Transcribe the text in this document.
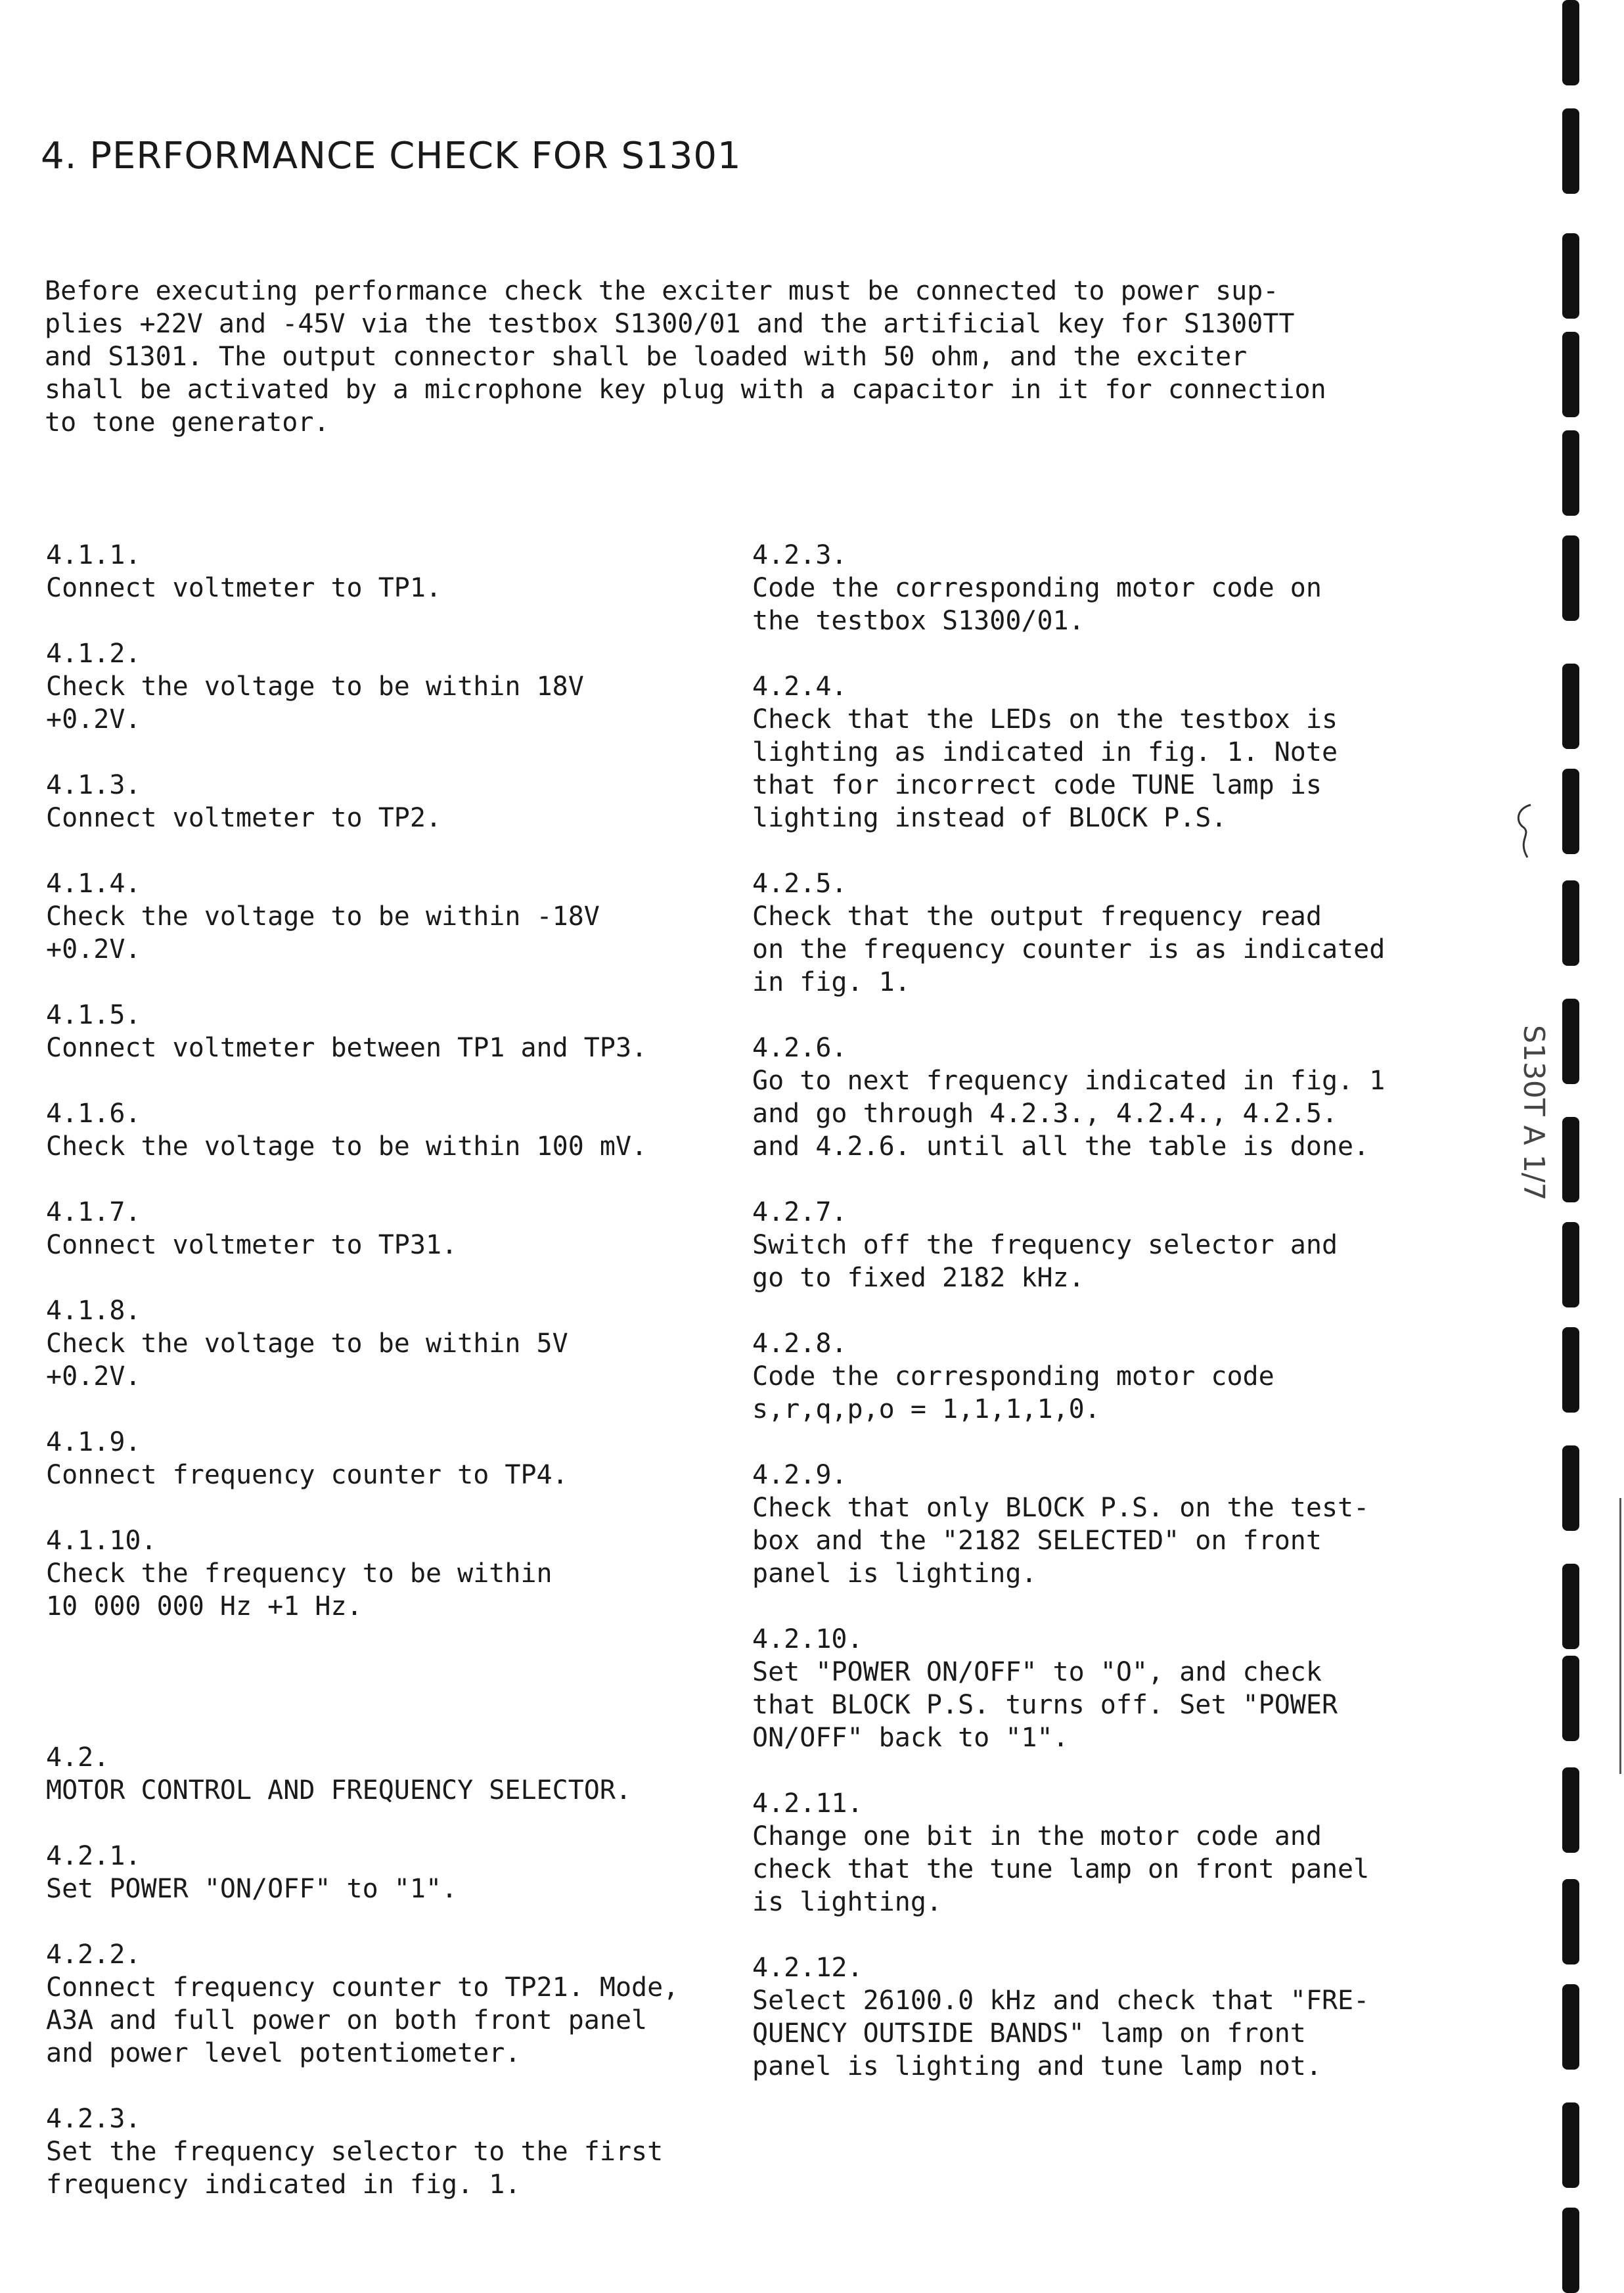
4. PERFORMANCE CHECK FOR S1301
Before executing performance check the exciter must be connected to power sup-
plies +22V and -45V via the testbox S1300/01 and the artificial key for S1300TT
and S1301. The output connector shall be loaded with 50 ohm, and the exciter
shall be activated by a microphone key plug with a capacitor in it for connection
to tone generator.
4.1.1.
Connect voltmeter to TP1.
4.1.2.
Check the voltage to be within 18V
+0.2V.
4.1.3.
Connect voltmeter to TP2.
4.1.4.
Check the voltage to be within -18V
+0.2V.
4.1.5.
Connect voltmeter between TP1 and TP3.
4.1.6.
Check the voltage to be within 100 mV.
4.1.7.
Connect voltmeter to TP31.
4.1.8.
Check the voltage to be within 5V
+0.2V.
4.1.9.
Connect frequency counter to TP4.
4.1.10.
Check the frequency to be within
10 000 000 Hz +1 Hz.
4.2.
MOTOR CONTROL AND FREQUENCY SELECTOR.
4.2.1.
Set POWER "ON/OFF" to "1".
4.2.2.
Connect frequency counter to TP21. Mode,
A3A and full power on both front panel
and power level potentiometer.
4.2.3.
Set the frequency selector to the first
frequency indicated in fig. 1.
4.2.3.
Code the corresponding motor code on
the testbox S1300/01.
4.2.4.
Check that the LEDs on the testbox is
lighting as indicated in fig. 1. Note
that for incorrect code TUNE lamp is
lighting instead of BLOCK P.S.
4.2.5.
Check that the output frequency read
on the frequency counter is as indicated
in fig. 1.
4.2.6.
Go to next frequency indicated in fig. 1
and go through 4.2.3., 4.2.4., 4.2.5.
and 4.2.6. until all the table is done.
4.2.7.
Switch off the frequency selector and
go to fixed 2182 kHz.
4.2.8.
Code the corresponding motor code
s,r,q,p,o = 1,1,1,1,0.
4.2.9.
Check that only BLOCK P.S. on the test-
box and the "2182 SELECTED" on front
panel is lighting.
4.2.10.
Set "POWER ON/OFF" to "O", and check
that BLOCK P.S. turns off. Set "POWER
ON/OFF" back to "1".
4.2.11.
Change one bit in the motor code and
check that the tune lamp on front panel
is lighting.
4.2.12.
Select 26100.0 kHz and check that "FRE-
QUENCY OUTSIDE BANDS" lamp on front
panel is lighting and tune lamp not.
S130T A 1/7
